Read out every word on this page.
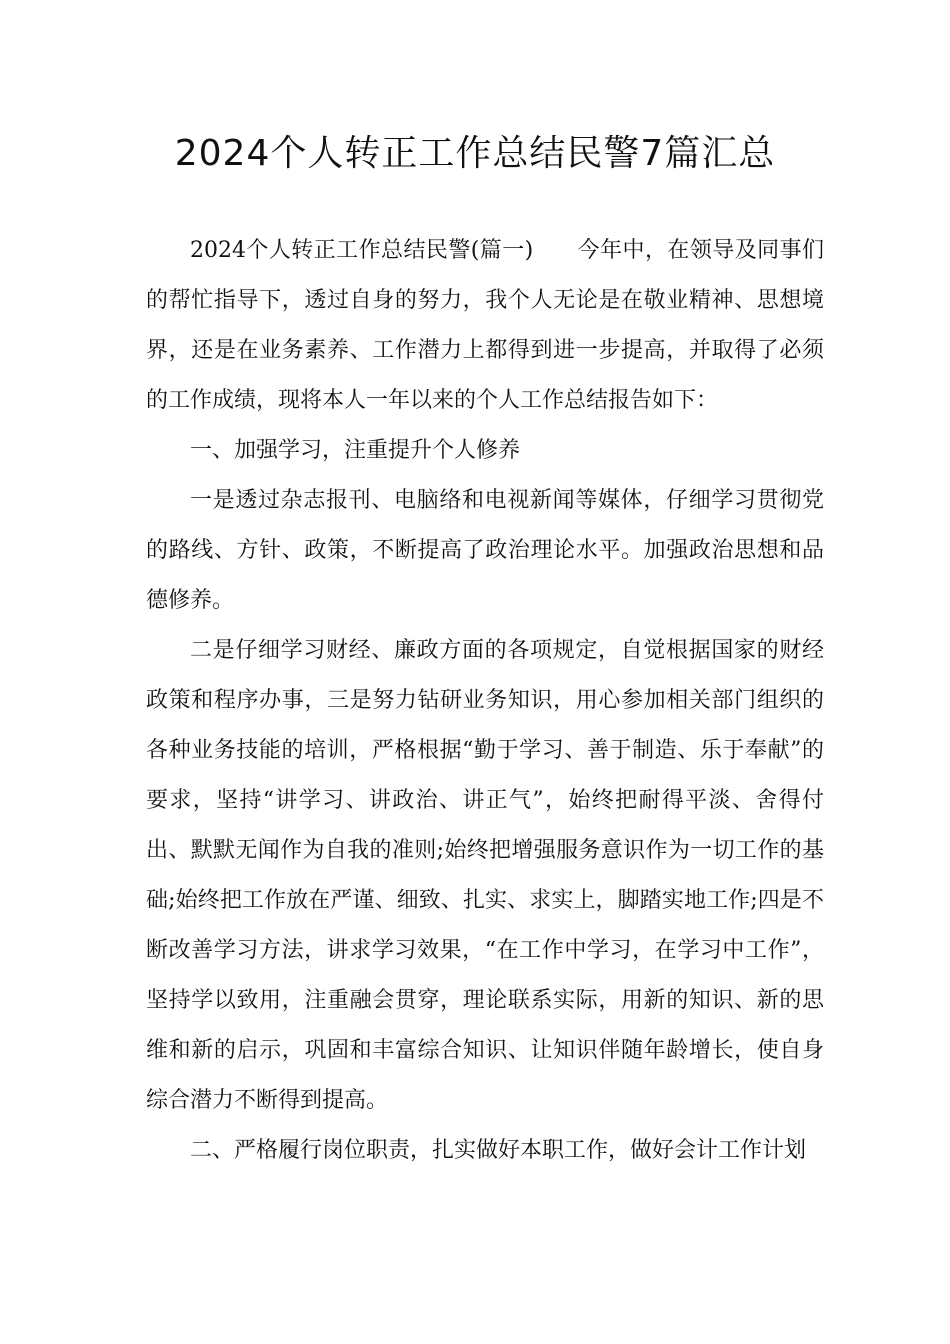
2024个人转正工作总结民警7篇汇总

2024个人转正工作总结民警(篇一) 今年中，在领导及同事们的帮忙指导下，透过自身的努力，我个人无论是在敬业精神、思想境界，还是在业务素养、工作潜力上都得到进一步提高，并取得了必须的工作成绩，现将本人一年以来的个人工作总结报告如下：

一、加强学习，注重提升个人修养

一是透过杂志报刊、电脑络和电视新闻等媒体，仔细学习贯彻党的路线、方针、政策，不断提高了政治理论水平。加强政治思想和品德修养。

二是仔细学习财经、廉政方面的各项规定，自觉根据国家的财经政策和程序办事，三是努力钻研业务知识，用心参加相关部门组织的各种业务技能的培训，严格根据“勤于学习、善于制造、乐于奉献”的要求，坚持“讲学习、讲政治、讲正气”，始终把耐得平淡、舍得付出、默默无闻作为自我的准则;始终把增强服务意识作为一切工作的基础;始终把工作放在严谨、细致、扎实、求实上，脚踏实地工作;四是不断改善学习方法，讲求学习效果，“在工作中学习，在学习中工作”，坚持学以致用，注重融会贯穿，理论联系实际，用新的知识、新的思维和新的启示，巩固和丰富综合知识、让知识伴随年龄增长，使自身综合潜力不断得到提高。

二、严格履行岗位职责，扎实做好本职工作，做好会计工作计划
